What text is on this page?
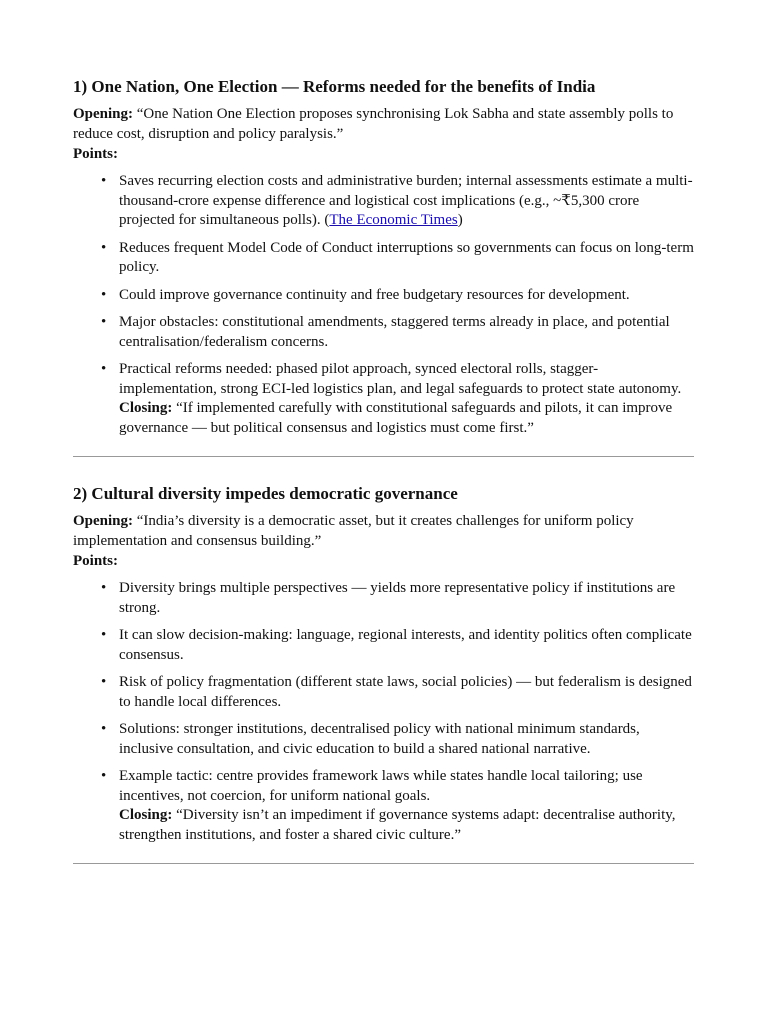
1) One Nation, One Election — Reforms needed for the benefits of India

Opening: “One Nation One Election proposes synchronising Lok Sabha and state assembly polls to reduce cost, disruption and policy paralysis.”

Points:

• Saves recurring election costs and administrative burden; internal assessments estimate a multi-thousand-crore expense difference and logistical cost implications (e.g., ~₹5,300 crore projected for simultaneous polls). (The Economic Times)
• Reduces frequent Model Code of Conduct interruptions so governments can focus on long-term policy.
• Could improve governance continuity and free budgetary resources for development.
• Major obstacles: constitutional amendments, staggered terms already in place, and potential centralisation/federalism concerns.
• Practical reforms needed: phased pilot approach, synced electoral rolls, stagger-implementation, strong ECI-led logistics plan, and legal safeguards to protect state autonomy.
Closing: “If implemented carefully with constitutional safeguards and pilots, it can improve governance — but political consensus and logistics must come first.”
2) Cultural diversity impedes democratic governance

Opening: “India’s diversity is a democratic asset, but it creates challenges for uniform policy implementation and consensus building.”

Points:

• Diversity brings multiple perspectives — yields more representative policy if institutions are strong.
• It can slow decision-making: language, regional interests, and identity politics often complicate consensus.
• Risk of policy fragmentation (different state laws, social policies) — but federalism is designed to handle local differences.
• Solutions: stronger institutions, decentralised policy with national minimum standards, inclusive consultation, and civic education to build a shared national narrative.
• Example tactic: centre provides framework laws while states handle local tailoring; use incentives, not coercion, for uniform national goals.
Closing: “Diversity isn’t an impediment if governance systems adapt: decentralise authority, strengthen institutions, and foster a shared civic culture.”
